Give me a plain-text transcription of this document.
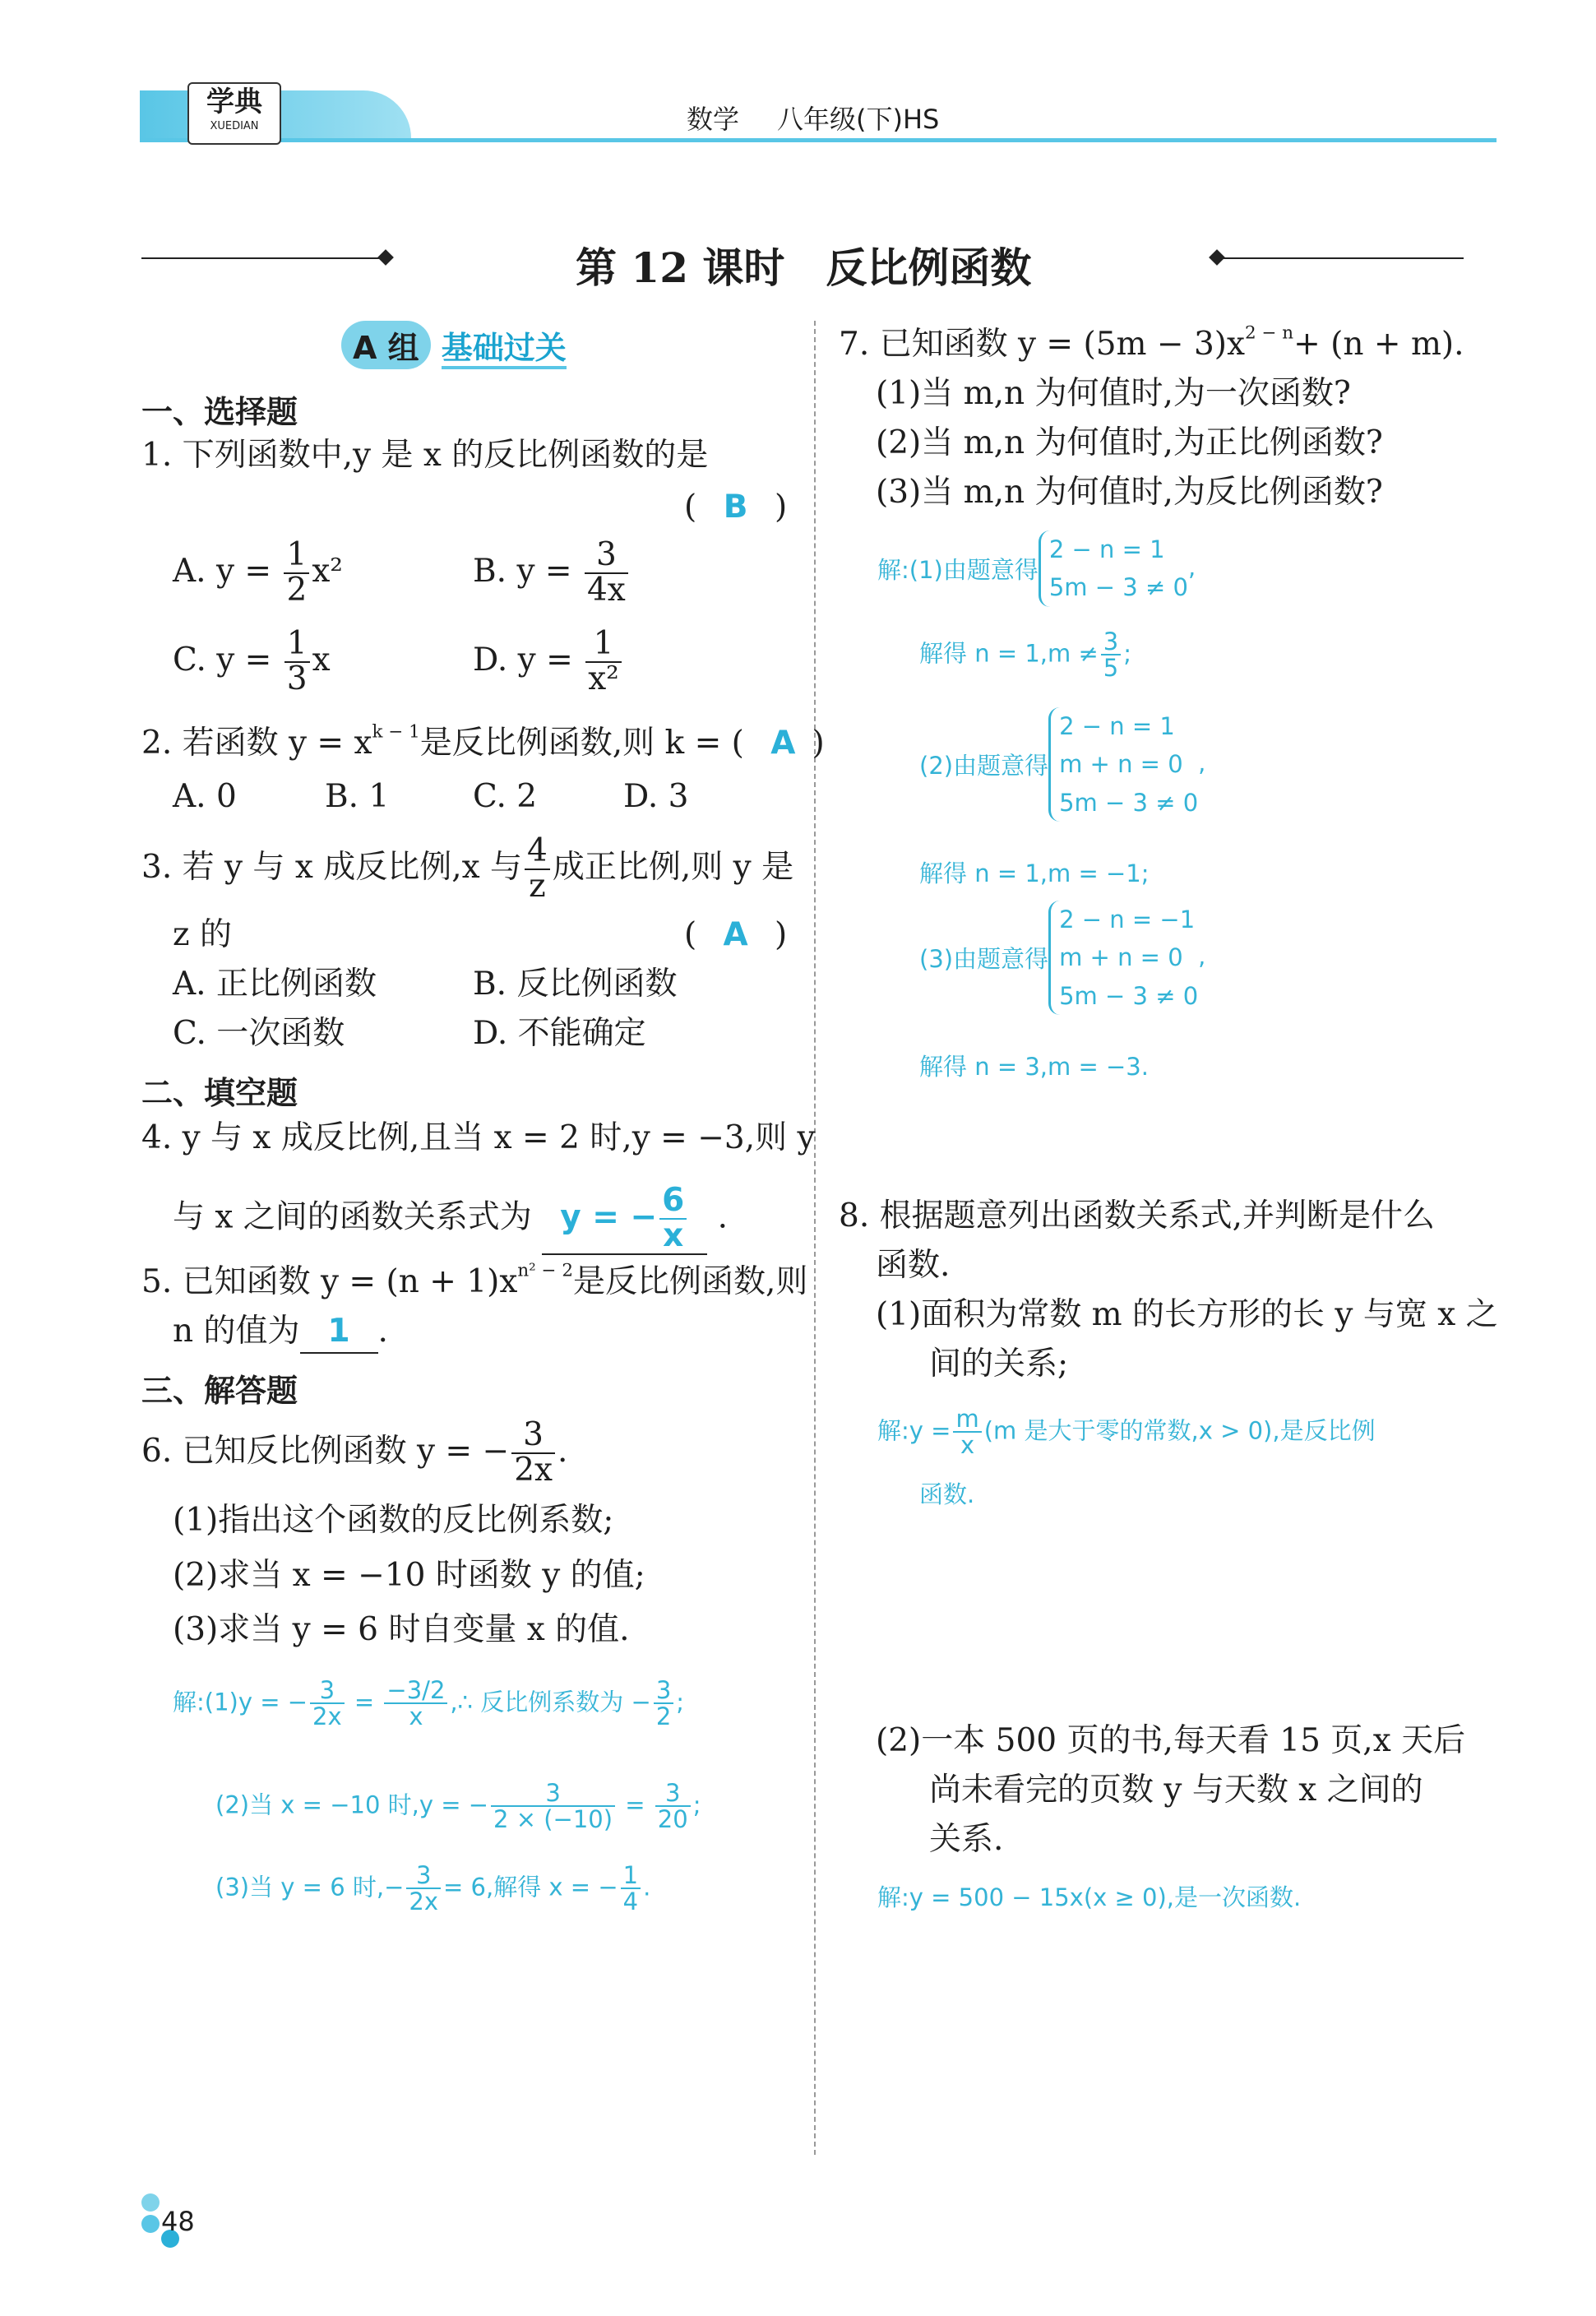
学典
XUEDIAN	数学 八年级(下)HS
第 12 课时　反比例函数
A 组 基础过关
一、选择题
1. 下列函数中,y 是 x 的反比例函数的是
( B )
A. $y = \frac{1}{2} x^2$	B. $y = \frac{3}{4x}$
C. $y = \frac{1}{3}$ x	D. $y = \frac{1}{\text{x²}}$
2. 若函数 $y = x^{k - 1}$是反比例函数,则 k = ( A )
A. 0	B. 1	C. 2	D. 3
3. 若 y 与 x 成反比例,x 与 $\frac{4}{z}$ 成正比例,则 y 是
z 的	( A )
A. 正比例函数	B. 反比例函数
C. 一次函数	D. 不能确定
二、填空题
4. y 与 x 成反比例,且当 x = 2 时,y = −3,则 y
与 x 之间的函数关系式为 y = − $\frac{6}{x}$ .
5. 已知函数 $y = (n + 1)x^{n^2 - 2}$是反比例函数,则
n 的值为 1 .
三、解答题
6. 已知反比例函数 y = − $\frac{3}{2x}$ .
(1)指出这个函数的反比例系数;
(2)求当 x = −10 时函数 y 的值;
(3)求当 y = 6 时自变量 x 的值.
解:(1)y = − $\frac{3}{2x} = \frac{-3/2}{x}$ ,∴ 反比例系数为 − $\frac{3}{2}$ ;
(2)当 x = −10 时,y = − $\frac{3}{2 \times (-10)} = \frac{3}{20}$ ;
(3)当 y = 6 时,− $\frac{3}{2x} = 6$,解得 x = − $\frac{1}{4}$ .
7. 已知函数 $y = (5m - 3)x^{2 - n}+ (n + m)$.
(1)当 m,n 为何值时,为一次函数?
(2)当 m,n 为何值时,为正比例函数?
(3)当 m,n 为何值时,为反比例函数?
解:(1)由题意得
2 − n = 1
5m − 3 ≠ 0
,
解得 $n = 1,m \ne \frac{3}{5}$ ;
(2)由题意得
2 − n = 1
m + n = 0
5m − 3 ≠ 0
,
解得 n = 1,m = −1;
(3)由题意得
2 − n = −1
m + n = 0
5m − 3 ≠ 0
,
解得 n = 3,m = −3.
8. 根据题意列出函数关系式,并判断是什么
函数.
(1)面积为常数 m 的长方形的长 y 与宽 x 之
间的关系;
解:y = $\frac{m}{x} (m$ 是大于零的常数,x > 0),是反比例
函数.
(2)一本 500 页的书,每天看 15 页,x 天后
尚未看完的页数 y 与天数 x 之间的
关系.
解:y = 500 − 15x(x ≥ 0),是一次函数.
48
